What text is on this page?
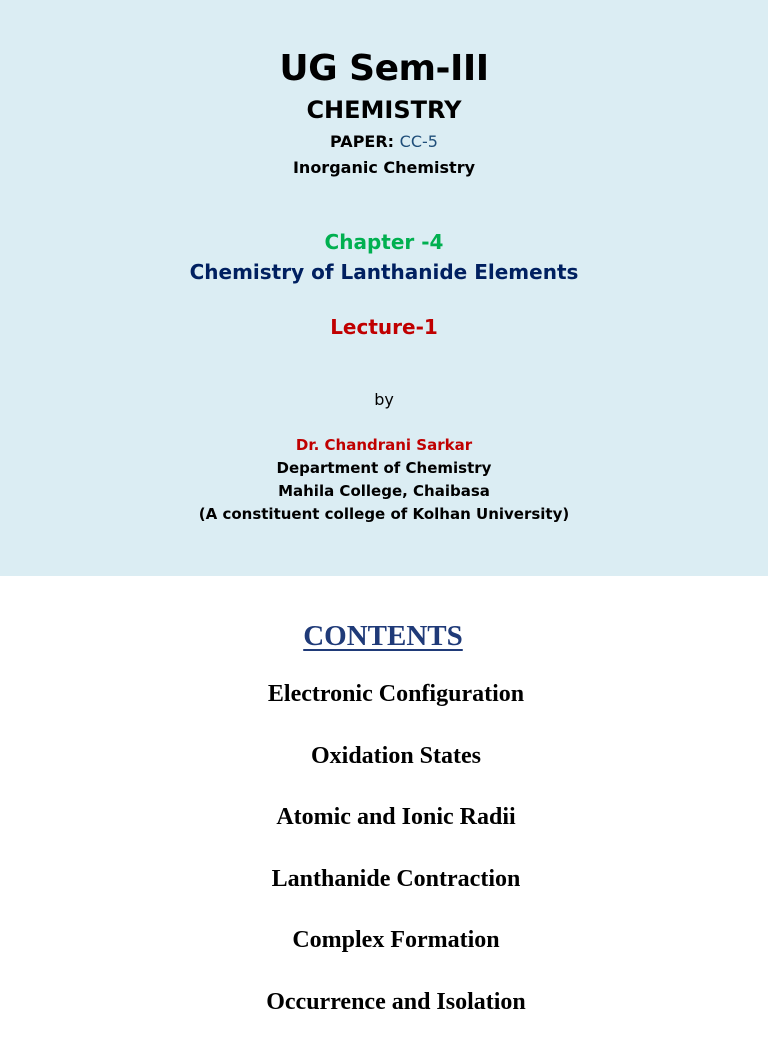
UG Sem-III
CHEMISTRY
PAPER: CC-5
Inorganic Chemistry
Chapter -4
Chemistry of Lanthanide Elements
Lecture-1
by
Dr. Chandrani Sarkar
Department of Chemistry
Mahila College, Chaibasa
(A constituent college of Kolhan University)
CONTENTS
Electronic Configuration
Oxidation States
Atomic and Ionic Radii
Lanthanide Contraction
Complex Formation
Occurrence and Isolation
